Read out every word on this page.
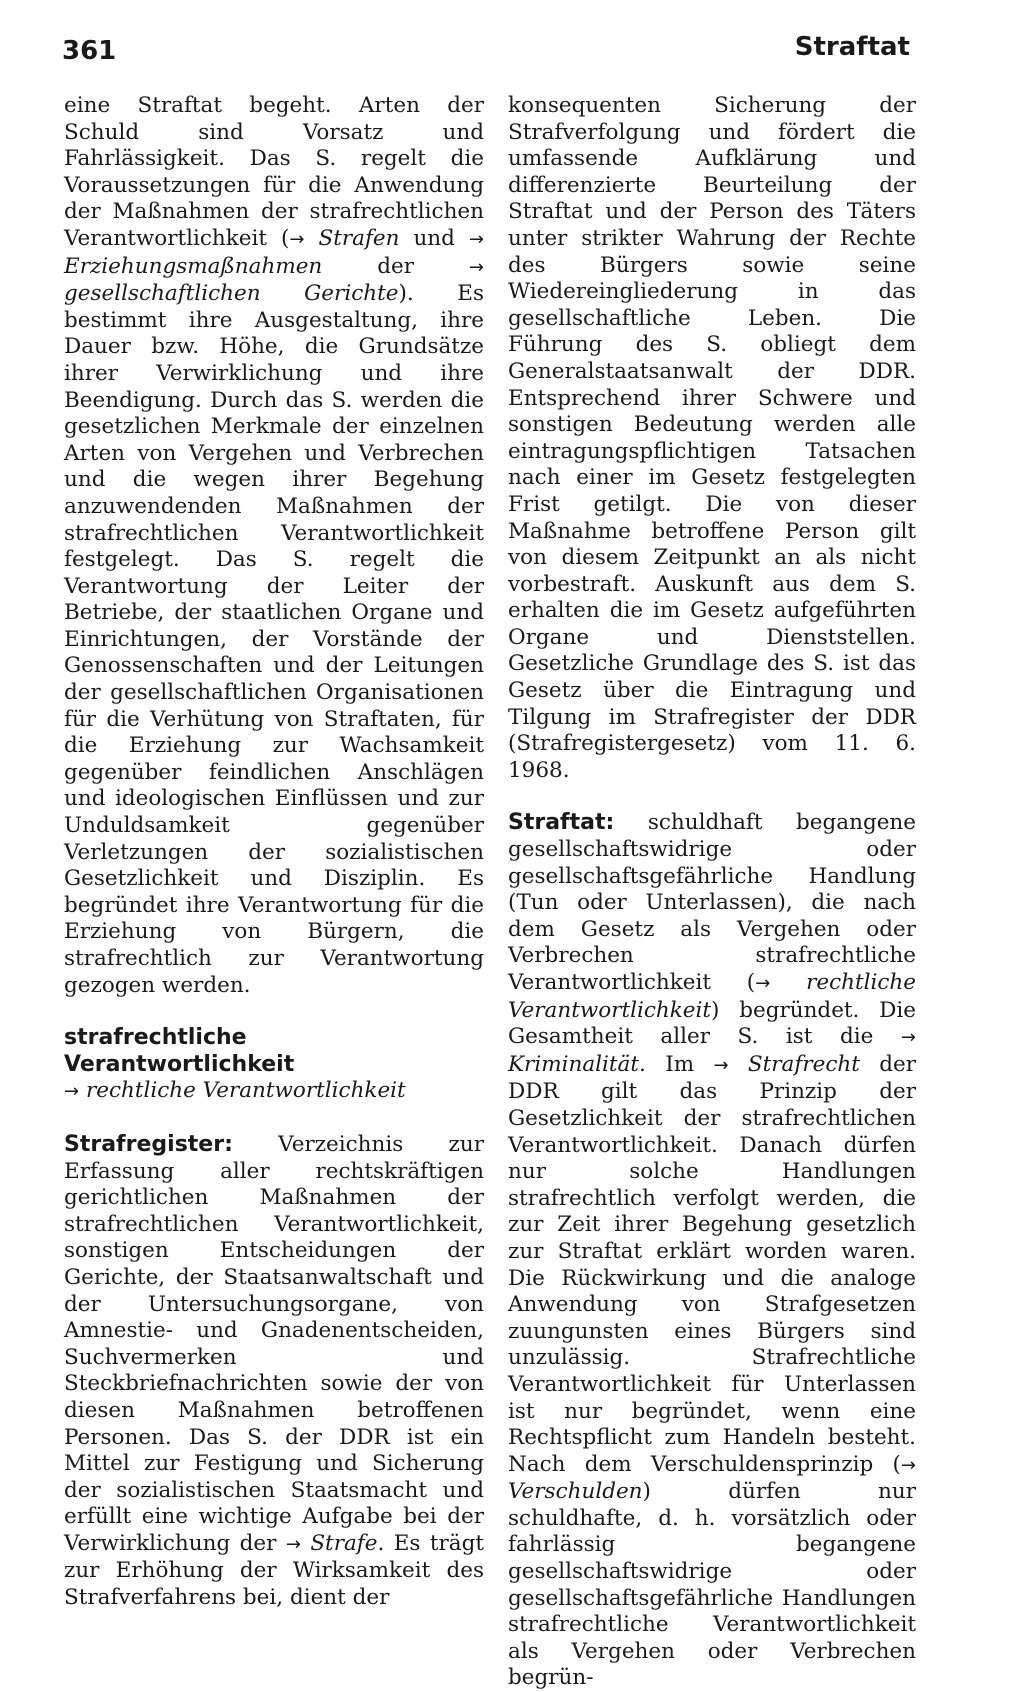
361	Straftat

eine Straftat begeht. Arten der Schuld sind Vorsatz und Fahrlässigkeit. Das S. regelt die Voraussetzungen für die Anwendung der Maßnahmen der strafrechtlichen Verantwortlichkeit (→ Strafen und → Erziehungsmaßnahmen der → gesellschaftlichen Gerichte). Es bestimmt ihre Ausgestaltung, ihre Dauer bzw. Höhe, die Grundsätze ihrer Verwirklichung und ihre Beendigung. Durch das S. werden die gesetzlichen Merkmale der einzelnen Arten von Vergehen und Verbrechen und die wegen ihrer Begehung anzuwendenden Maßnahmen der strafrechtlichen Verantwortlichkeit festgelegt. Das S. regelt die Verantwortung der Leiter der Betriebe, der staatlichen Organe und Einrichtungen, der Vorstände der Genossenschaften und der Leitungen der gesellschaftlichen Organisationen für die Verhütung von Straftaten, für die Erziehung zur Wachsamkeit gegenüber feindlichen Anschlägen und ideologischen Einflüssen und zur Unduldsamkeit gegenüber Verletzungen der sozialistischen Gesetzlichkeit und Disziplin. Es begründet ihre Verantwortung für die Erziehung von Bürgern, die strafrechtlich zur Verantwortung gezogen werden.

strafrechtliche Verantwortlichkeit
→ rechtliche Verantwortlichkeit

Strafregister: Verzeichnis zur Erfassung aller rechtskräftigen gerichtlichen Maßnahmen der strafrechtlichen Verantwortlichkeit, sonstigen Entscheidungen der Gerichte, der Staatsanwaltschaft und der Untersuchungsorgane, von Amnestie- und Gnadenentscheiden, Suchvermerken und Steckbriefnachrichten sowie der von diesen Maßnahmen betroffenen Personen. Das S. der DDR ist ein Mittel zur Festigung und Sicherung der sozialistischen Staatsmacht und erfüllt eine wichtige Aufgabe bei der Verwirklichung der → Strafe. Es trägt zur Erhöhung der Wirksamkeit des Strafverfahrens bei, dient der

konsequenten Sicherung der Strafverfolgung und fördert die umfassende Aufklärung und differenzierte Beurteilung der Straftat und der Person des Täters unter strikter Wahrung der Rechte des Bürgers sowie seine Wiedereingliederung in das gesellschaftliche Leben. Die Führung des S. obliegt dem Generalstaatsanwalt der DDR. Entsprechend ihrer Schwere und sonstigen Bedeutung werden alle eintragungspflichtigen Tatsachen nach einer im Gesetz festgelegten Frist getilgt. Die von dieser Maßnahme betroffene Person gilt von diesem Zeitpunkt an als nicht vorbestraft. Auskunft aus dem S. erhalten die im Gesetz aufgeführten Organe und Dienststellen. Gesetzliche Grundlage des S. ist das Gesetz über die Eintragung und Tilgung im Strafregister der DDR (Strafregistergesetz) vom 11. 6. 1968.

Straftat: schuldhaft begangene gesellschaftswidrige oder gesellschaftsgefährliche Handlung (Tun oder Unterlassen), die nach dem Gesetz als Vergehen oder Verbrechen strafrechtliche Verantwortlichkeit (→ rechtliche Verantwortlichkeit) begründet. Die Gesamtheit aller S. ist die → Kriminalität. Im → Strafrecht der DDR gilt das Prinzip der Gesetzlichkeit der strafrechtlichen Verantwortlichkeit. Danach dürfen nur solche Handlungen strafrechtlich verfolgt werden, die zur Zeit ihrer Begehung gesetzlich zur Straftat erklärt worden waren. Die Rückwirkung und die analoge Anwendung von Strafgesetzen zuungunsten eines Bürgers sind unzulässig. Strafrechtliche Verantwortlichkeit für Unterlassen ist nur begründet, wenn eine Rechtspflicht zum Handeln besteht. Nach dem Verschuldensprinzip (→ Verschulden) dürfen nur schuldhafte, d. h. vorsätzlich oder fahrlässig begangene gesellschaftswidrige oder gesellschaftsgefährliche Handlungen strafrechtliche Verantwortlichkeit als Vergehen oder Verbrechen begrün-
